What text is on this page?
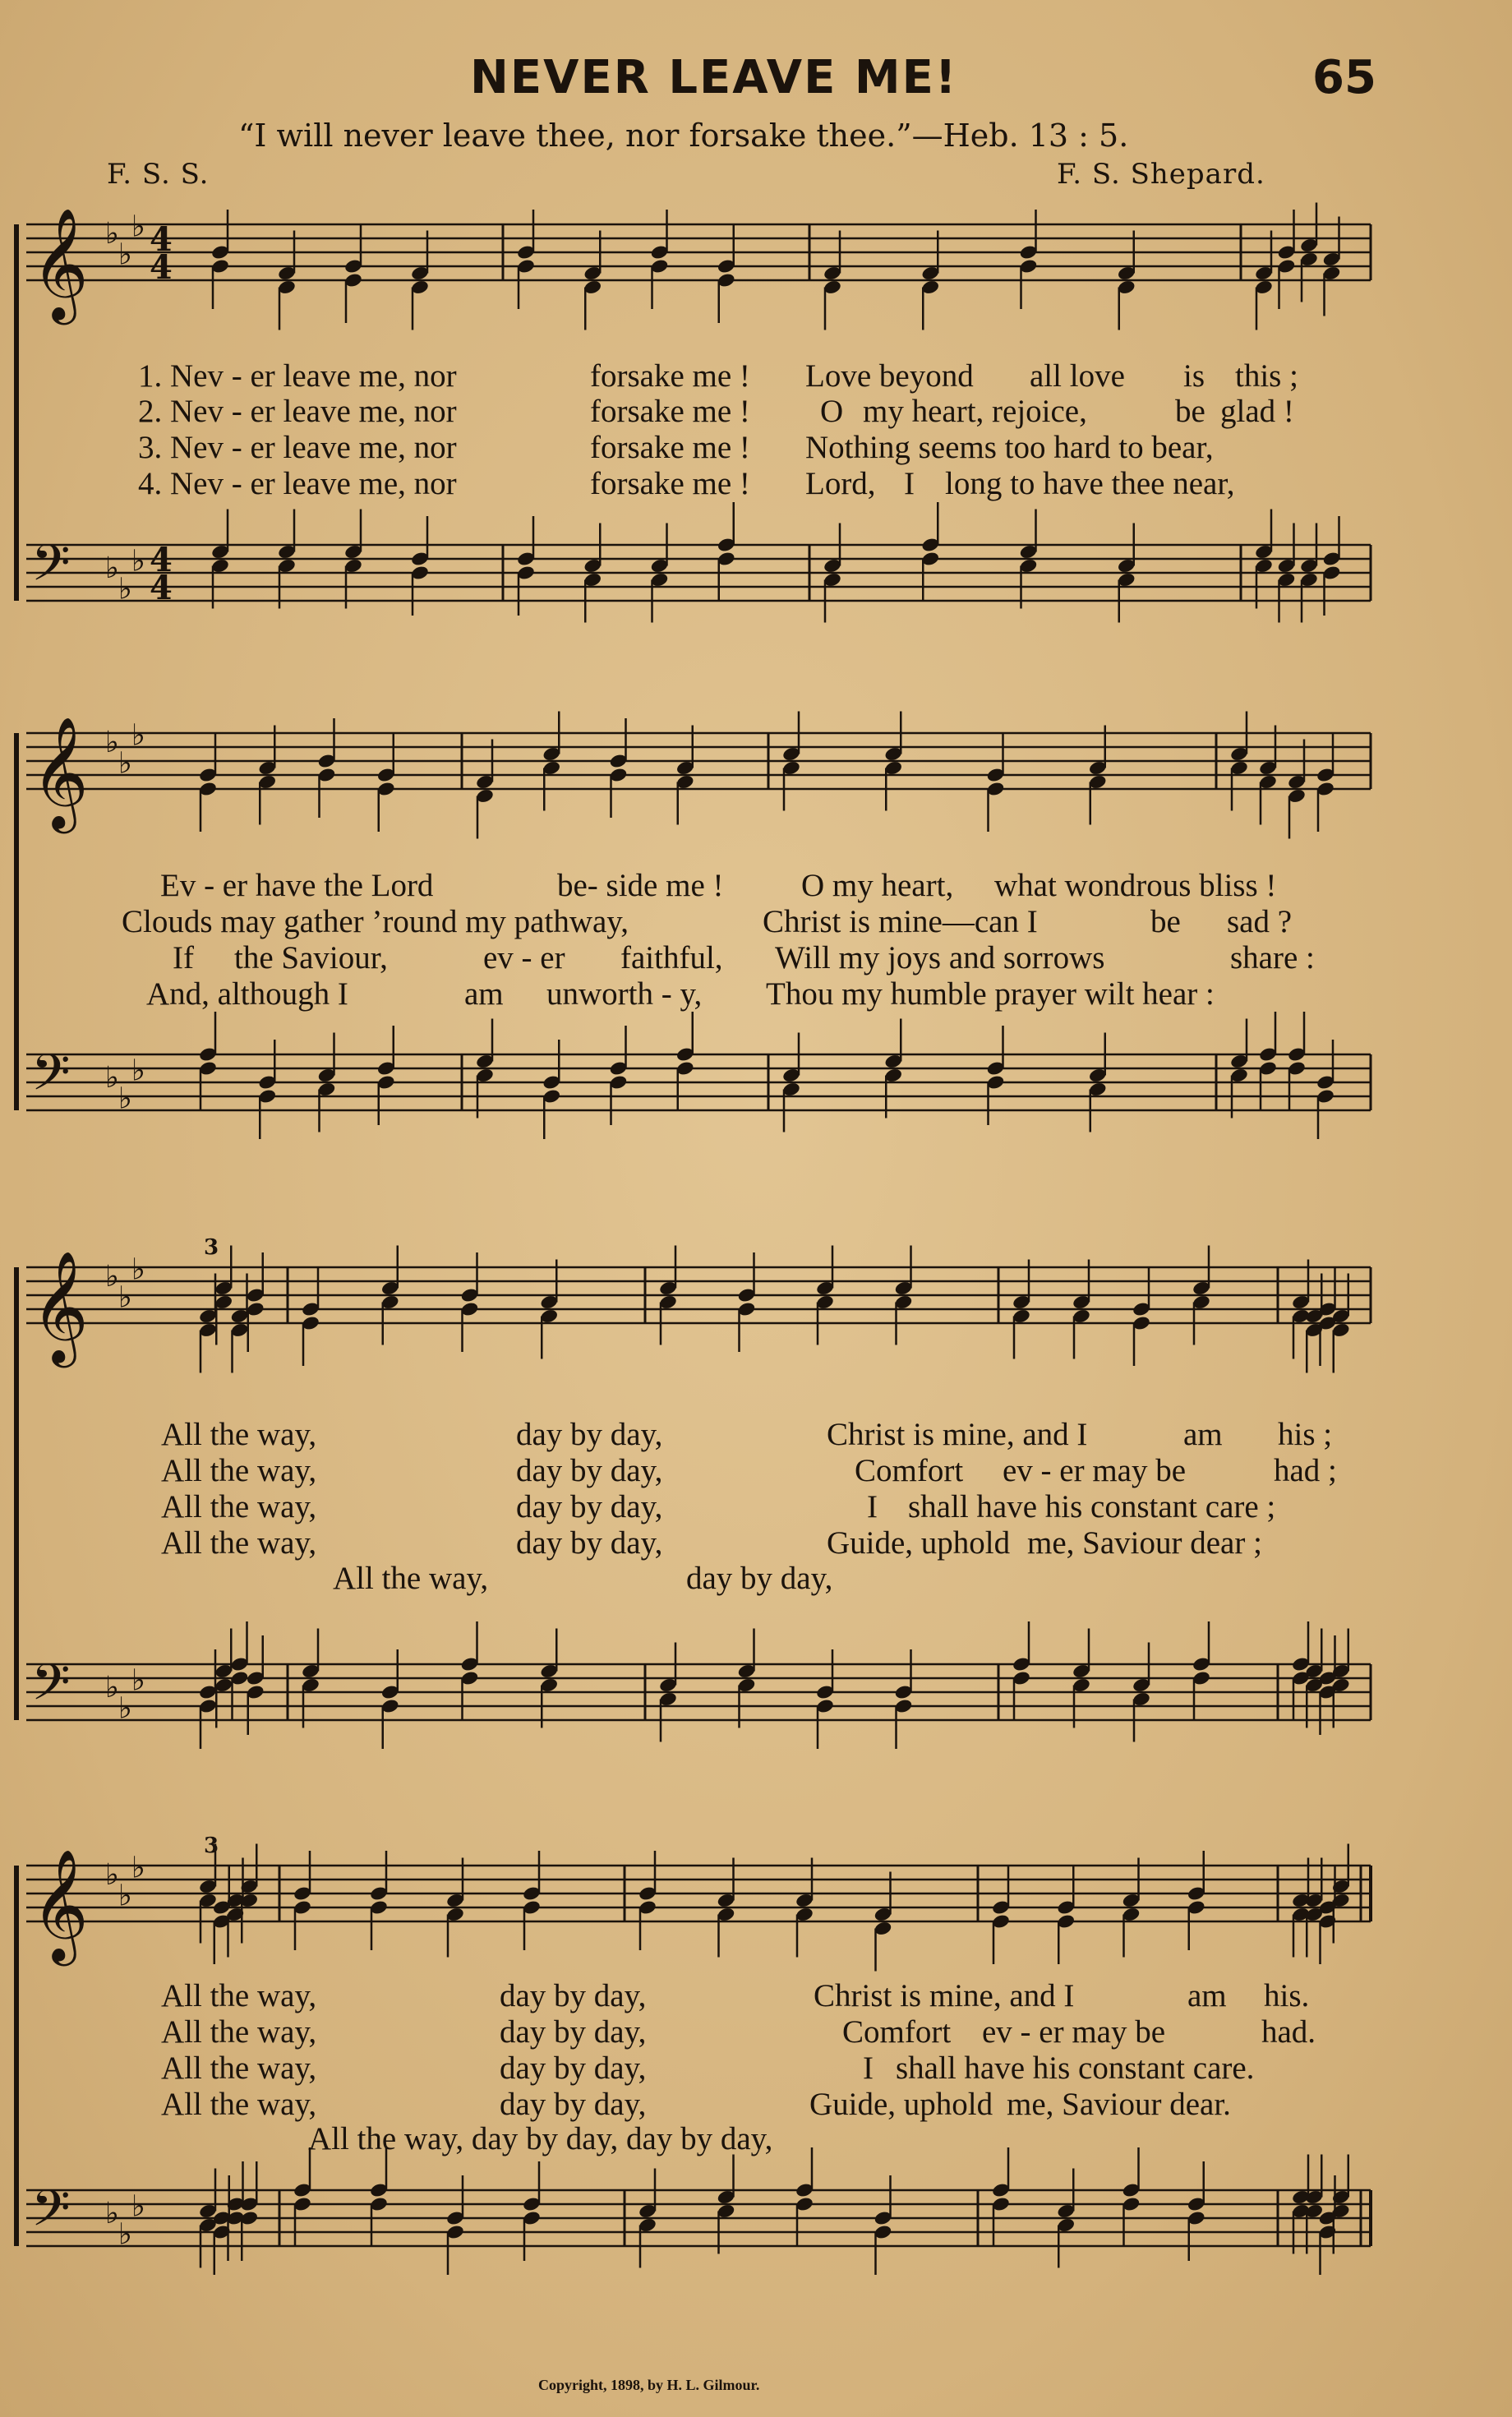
NEVER LEAVE ME!	65
“I will never leave thee, nor forsake thee.”—Heb. 13 : 5.
F. S. S.	F. S. Shepard.
𝄞 ♭
♭
♭ 4
4
𝄢 ♭
♭
♭ 4
4
𝄞 ♭
♭
♭
𝄢 ♭
♭
♭
𝄞 ♭
♭
♭
𝄢 ♭
♭
♭
3
𝄞 ♭
♭
♭
𝄢 ♭
♭
♭
3
1. Nev - er leave me, nor	forsake me ! Love beyond all love is this ;
2. Nev - er leave me, nor	forsake me ! O my heart, rejoice,	be glad !
3. Nev - er leave me, nor	forsake me ! Nothing seems too hard to bear,
4. Nev - er leave me, nor	forsake me ! Lord, I long to have thee near,
Ev - er have the Lord	be- side me ! O my heart, what wondrous bliss !
Clouds may gather ’round my pathway,	Christ is mine—can I	be sad ?
If the Saviour,	ev - er faithful, Will my joys and sorrows	share :
And, although I	am unworth - y, Thou my humble prayer wilt hear :
All the way,	day by day,	Christ is mine, and I	am his ;
All the way,	day by day,	Comfort ev - er may be	had ;
All the way,	day by day,	I shall have his constant care ;
All the way,	day by day,	Guide, uphold me, Saviour dear ;
All the way,	day by day,
All the way,	day by day,	Christ is mine, and I	am his.
All the way,	day by day,	Comfort ev - er may be	had.
All the way,	day by day,	I shall have his constant care.
All the way,	day by day,	Guide, uphold me, Saviour dear.
All the way, day by day, day by day,
Copyright, 1898, by H. L. Gilmour.
